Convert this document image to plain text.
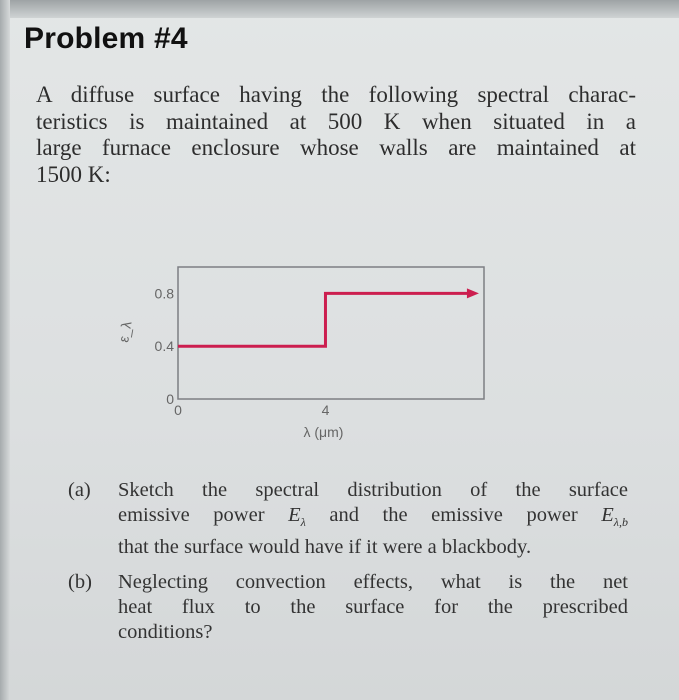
Problem #4
A diffuse surface having the following spectral charac-
teristics is maintained at 500 K when situated in a
large furnace enclosure whose walls are maintained at
1500 K:
ε_λ
0.8
0.4
0
0	4
λ (μm)
(a) Sketch the spectral distribution of the surface
emissive power $E_\lambda$ and the emissive power $E_{\lambda,b}$
that the surface would have if it were a blackbody.
(b) Neglecting convection effects, what is the net
heat flux to the surface for the prescribed
conditions?
